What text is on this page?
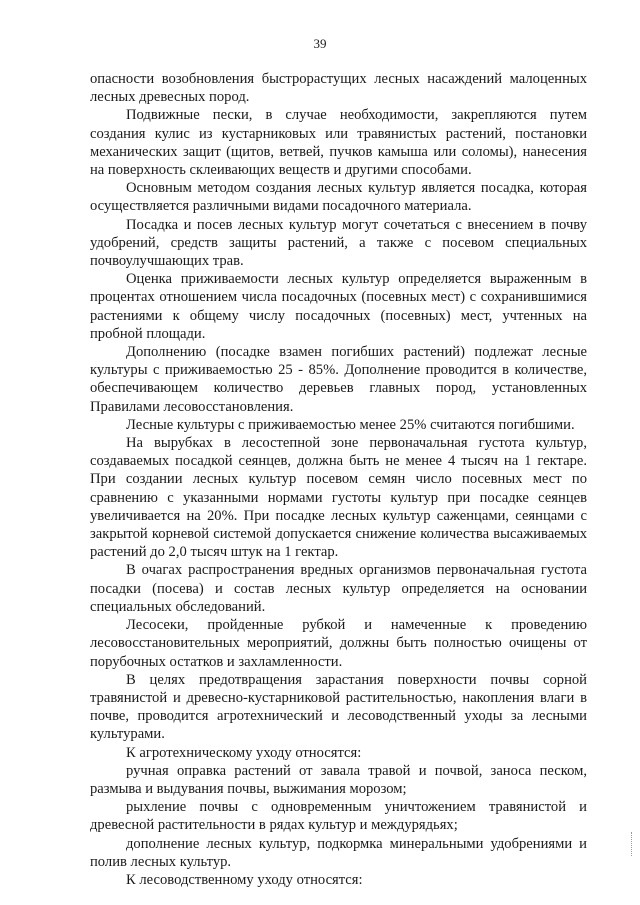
39

опасности возобновления быстрорастущих лесных насаждений малоценных лесных древесных пород.

Подвижные пески, в случае необходимости, закрепляются путем создания кулис из кустарниковых или травянистых растений, постановки механических защит (щитов, ветвей, пучков камыша или соломы), нанесения на поверхность склеивающих веществ и другими способами.

Основным методом создания лесных культур является посадка, которая осуществляется различными видами посадочного материала.

Посадка и посев лесных культур могут сочетаться с внесением в почву удобрений, средств защиты растений, а также с посевом специальных почвоулучшающих трав.

Оценка приживаемости лесных культур определяется выраженным в процентах отношением числа посадочных (посевных мест) с сохранившимися растениями к общему числу посадочных (посевных) мест, учтенных на пробной площади.

Дополнению (посадке взамен погибших растений) подлежат лесные культуры с приживаемостью 25 - 85%. Дополнение проводится в количестве, обеспечивающем количество деревьев главных пород, установленных Правилами лесовосстановления.

Лесные культуры с приживаемостью менее 25% считаются погибшими.

На вырубках в лесостепной зоне первоначальная густота культур, создаваемых посадкой сеянцев, должна быть не менее 4 тысяч на 1 гектаре. При создании лесных культур посевом семян число посевных мест по сравнению с указанными нормами густоты культур при посадке сеянцев увеличивается на 20%. При посадке лесных культур саженцами, сеянцами с закрытой корневой системой допускается снижение количества высаживаемых растений до 2,0 тысяч штук на 1 гектар.

В очагах распространения вредных организмов первоначальная густота посадки (посева) и состав лесных культур определяется на основании специальных обследований.

Лесосеки, пройденные рубкой и намеченные к проведению лесовосстановительных мероприятий, должны быть полностью очищены от порубочных остатков и захламленности.

В целях предотвращения зарастания поверхности почвы сорной травянистой и древесно-кустарниковой растительностью, накопления влаги в почве, проводится агротехнический и лесоводственный уходы за лесными культурами.

К агротехническому уходу относятся:

ручная оправка растений от завала травой и почвой, заноса песком, размыва и выдувания почвы, выжимания морозом;

рыхление почвы с одновременным уничтожением травянистой и древесной растительности в рядах культур и междурядьях;

дополнение лесных культур, подкормка минеральными удобрениями и полив лесных культур.

К лесоводственному уходу относятся:
